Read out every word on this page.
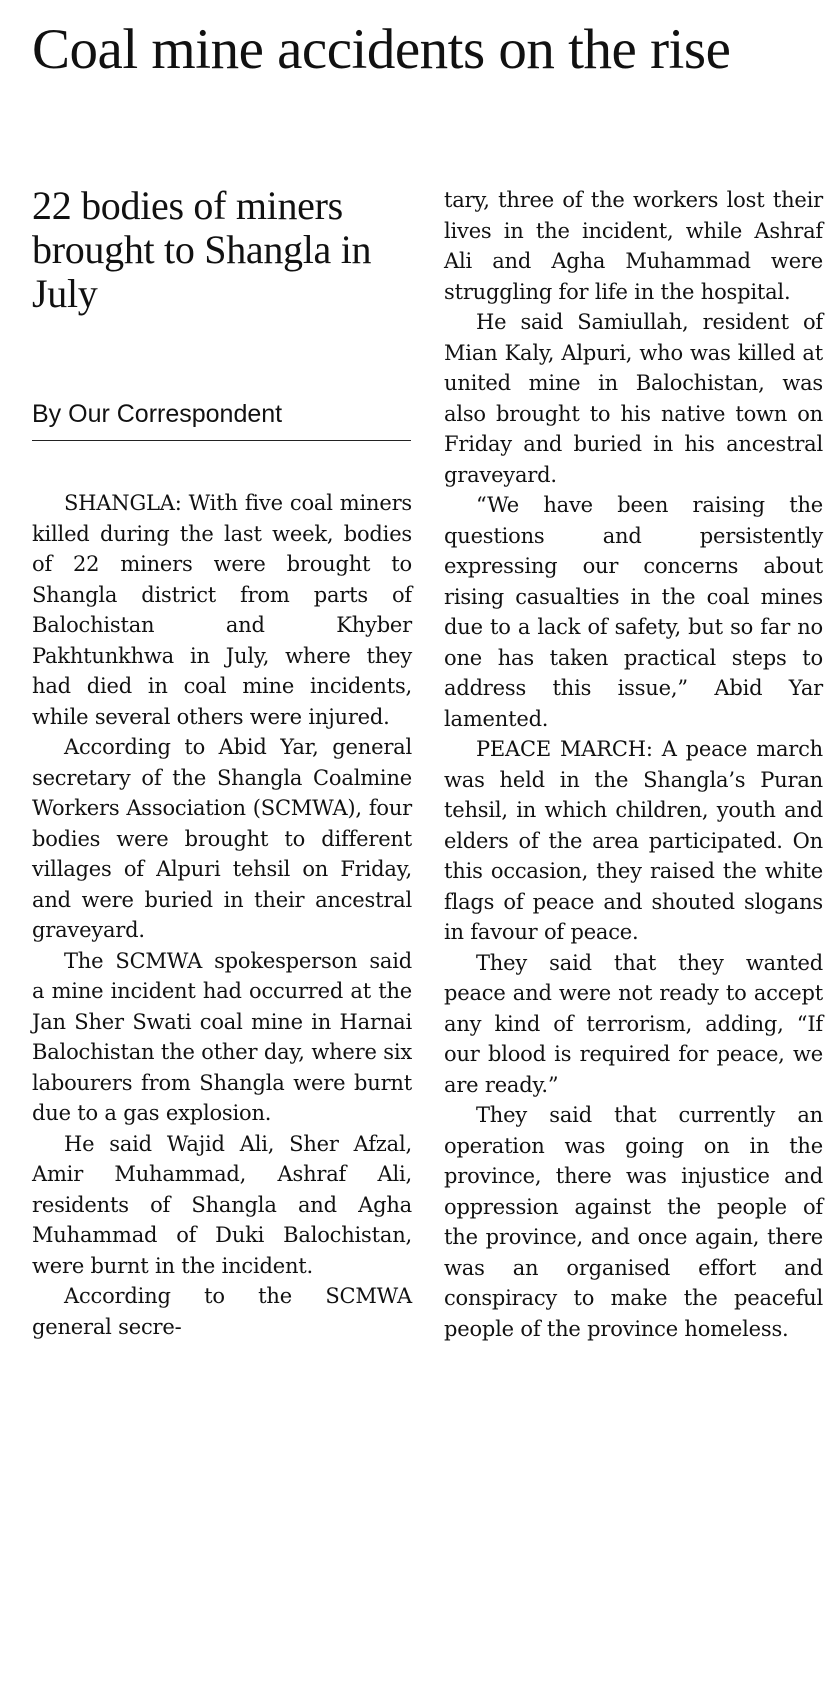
Coal mine accidents on the rise
22 bodies of miners brought to Shangla in July
By Our Correspondent

SHANGLA: With five coal miners killed during the last week, bodies of 22 miners were brought to Shangla district from parts of Balochistan and Khyber Pakhtunkhwa in July, where they had died in coal mine incidents, while several others were injured.

According to Abid Yar, general secretary of the Shangla Coalmine Workers Association (SCMWA), four bodies were brought to different villages of Alpuri tehsil on Friday, and were buried in their ancestral graveyard.

The SCMWA spokesperson said a mine incident had occurred at the Jan Sher Swati coal mine in Harnai Balochistan the other day, where six labourers from Shangla were burnt due to a gas explosion.

He said Wajid Ali, Sher Afzal, Amir Muhammad, Ashraf Ali, residents of Shangla and Agha Muhammad of Duki Balochistan, were burnt in the incident.

According to the SCMWA general secre-

tary, three of the workers lost their lives in the incident, while Ashraf Ali and Agha Muhammad were struggling for life in the hospital.

He said Samiullah, resident of Mian Kaly, Alpuri, who was killed at united mine in Balochistan, was also brought to his native town on Friday and buried in his ancestral graveyard.

“We have been raising the questions and persistently expressing our concerns about rising casualties in the coal mines due to a lack of safety, but so far no one has taken practical steps to address this issue,” Abid Yar lamented.

PEACE MARCH: A peace march was held in the Shangla’s Puran tehsil, in which children, youth and elders of the area participated. On this occasion, they raised the white flags of peace and shouted slogans in favour of peace.

They said that they wanted peace and were not ready to accept any kind of terrorism, adding, “If our blood is required for peace, we are ready.”

They said that currently an operation was going on in the province, there was injustice and oppression against the people of the province, and once again, there was an organised effort and conspiracy to make the peaceful people of the province homeless.
